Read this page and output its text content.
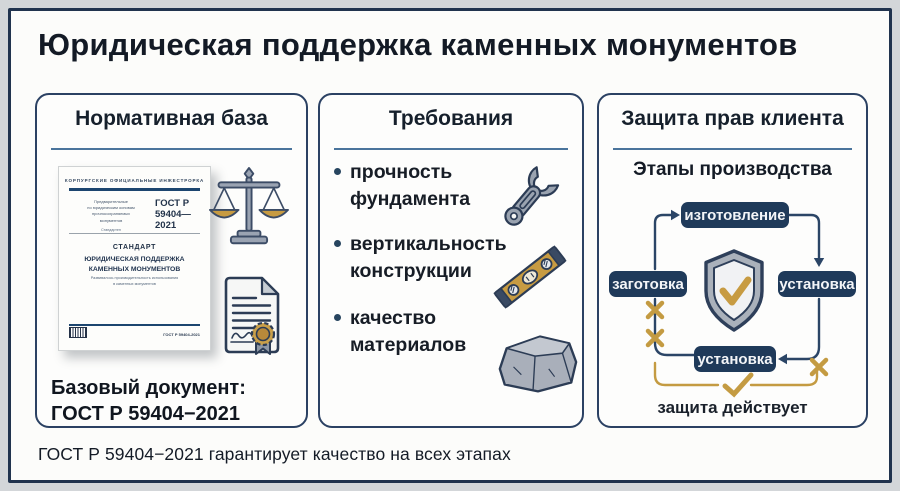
Юридическая поддержка каменных монументов
Нормативная база
КОРПУРГСКИЕ ОФИЦИАЛЬНЫЕ ИНЖЕСТРОРКА
Предварительные
по юридическим основам
прочносохраняемых
монументов
Стандартен
ГОСТ Р
59404—
2021
СТАНДАРТ
ЮРИДИЧЕСКАЯ ПОДДЕРЖКА
КАМЕННЫХ МОНУМЕНТОВ
Развивалось производительность использования
в каменных монументов
ГОСТ Р 59404-2021
Базовый документ:
ГОСТ Р 59404−2021
Требования
прочность
фундамента
вертикальность
конструкции
качество
материалов
Защита прав клиента
Этапы производства
изготовление
заготовка	установка
установка
защита действует
ГОСТ Р 59404−2021 гарантирует качество на всех этапах
